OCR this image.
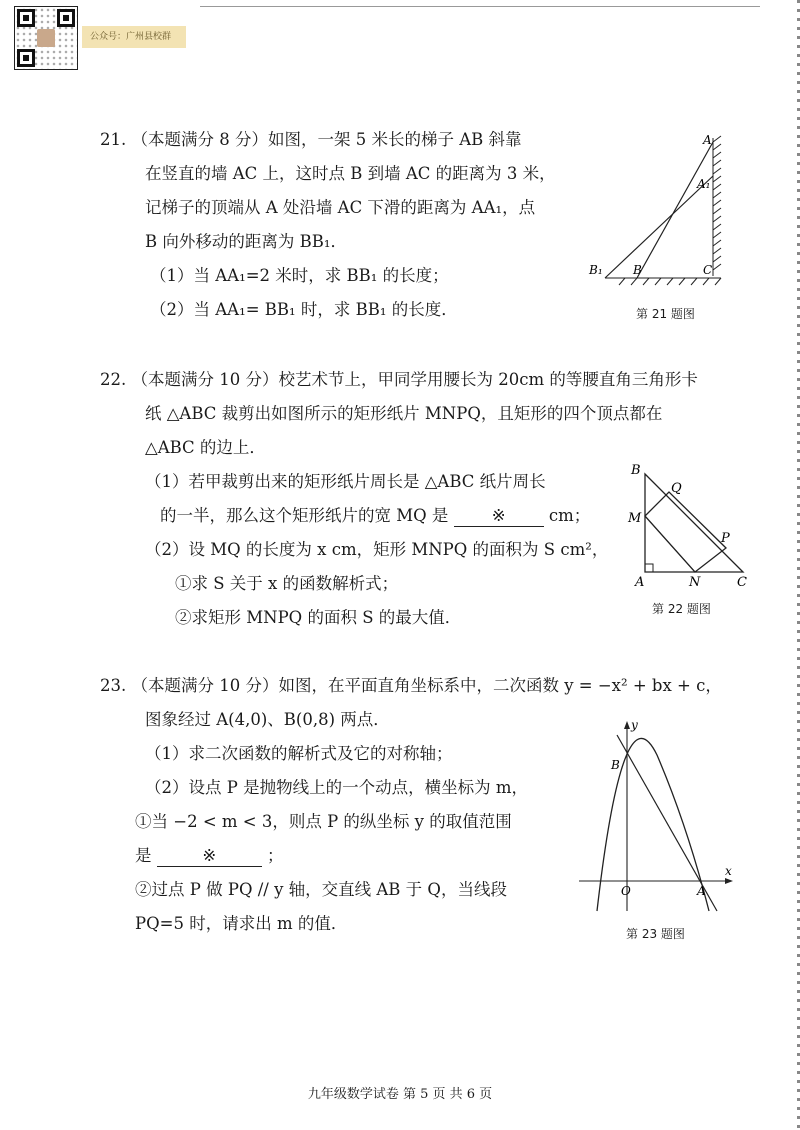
公众号：广州县校群
21. （本题满分 8 分）如图，一架 5 米长的梯子 AB 斜靠
在竖直的墙 AC 上，这时点 B 到墙 AC 的距离为 3 米，
记梯子的顶端从 A 处沿墙 AC 下滑的距离为 AA₁，点
B 向外移动的距离为 BB₁．
（1）当 AA₁=2 米时，求 BB₁ 的长度；
（2）当 AA₁= BB₁ 时，求 BB₁ 的长度．
A
A₁
B₁	B	C
第 21 题图
22. （本题满分 10 分）校艺术节上，甲同学用腰长为 20cm 的等腰直角三角形卡
纸 △ABC 裁剪出如图所示的矩形纸片 MNPQ，且矩形的四个顶点都在
△ABC 的边上．
（1）若甲裁剪出来的矩形纸片周长是 △ABC 纸片周长
的一半，那么这个矩形纸片的宽 MQ 是	※	cm；
（2）设 MQ 的长度为 x cm，矩形 MNPQ 的面积为 S cm²，
①求 S 关于 x 的函数解析式；
②求矩形 MNPQ 的面积 S 的最大值．
B
Q
M
P
A	N	C
第 22 题图
23. （本题满分 10 分）如图，在平面直角坐标系中，二次函数 y = −x² + bx + c，
图象经过 A(4,0)、B(0,8) 两点．
（1）求二次函数的解析式及它的对称轴；
（2）设点 P 是抛物线上的一个动点，横坐标为 m，
①当 −2 < m < 3，则点 P 的纵坐标 y 的取值范围
是	※	；
②过点 P 做 PQ // y 轴，交直线 AB 于 Q，当线段
PQ=5 时，请求出 m 的值．
y
B
O	A
x
第 23 题图
九年级数学试卷 第 5 页 共 6 页
